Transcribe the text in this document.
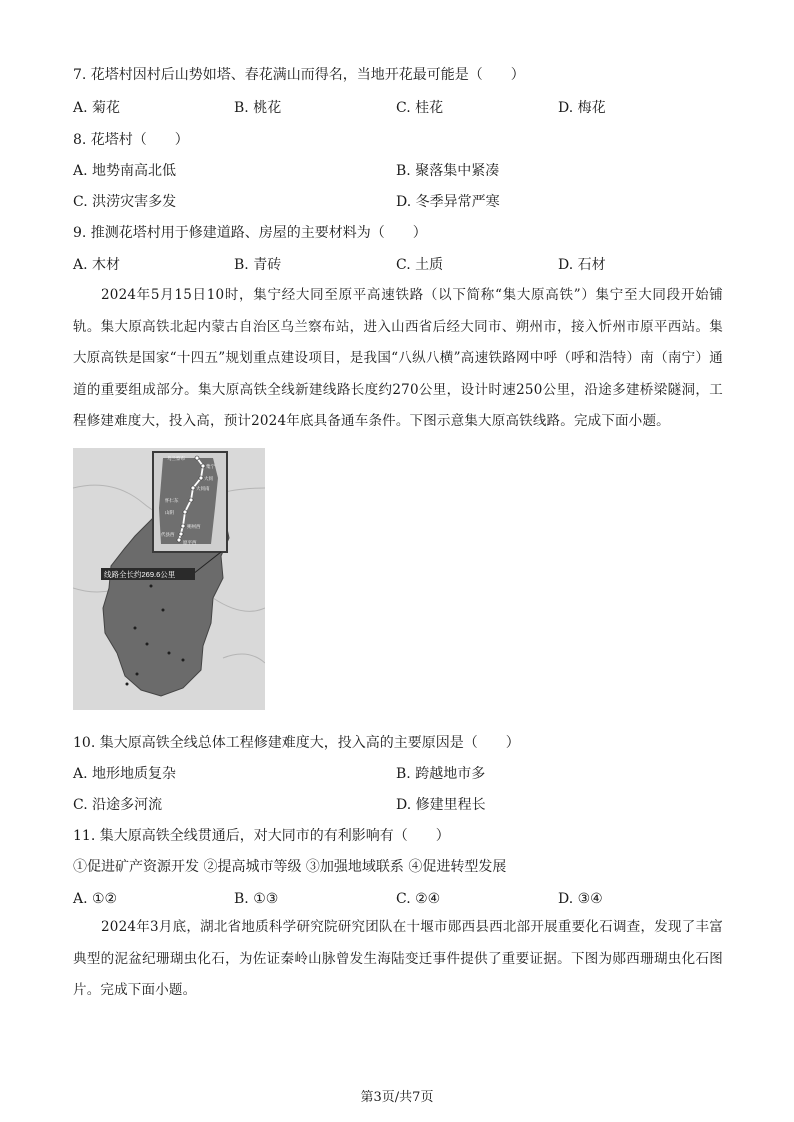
7. 花塔村因村后山势如塔、春花满山而得名，当地开花最可能是（　　）
A. 菊花	B. 桃花	C. 桂花	D. 梅花
8. 花塔村（　　）
A. 地势南高北低	B. 聚落集中紧凑
C. 洪涝灾害多发	D. 冬季异常严寒
9. 推测花塔村用于修建道路、房屋的主要材料为（　　）
A. 木材	B. 青砖	C. 土质	D. 石材
2024年5月15日10时，集宁经大同至原平高速铁路（以下简称“集大原高铁”）集宁至大同段开始铺轨。集大原高铁北起内蒙古自治区乌兰察布站，进入山西省后经大同市、朔州市，接入忻州市原平西站。集大原高铁是国家“十四五”规划重点建设项目，是我国“八纵八横”高速铁路网中呼（呼和浩特）南（南宁）通道的重要组成部分。集大原高铁全线新建线路长度约270公里，设计时速250公里，沿途多建桥梁隧洞，工程修建难度大，投入高，预计2024年底具备通车条件。下图示意集大原高铁线路。完成下面小题。
乌兰察布
集宁
大同
大同南
怀仁东
山阴
朔州西
代县西
原平西
线路全长约269.6公里
10. 集大原高铁全线总体工程修建难度大，投入高的主要原因是（　　）
A. 地形地质复杂	B. 跨越地市多
C. 沿途多河流	D. 修建里程长
11. 集大原高铁全线贯通后，对大同市的有利影响有（　　）
①促进矿产资源开发 ②提高城市等级 ③加强地域联系 ④促进转型发展
A. ①②	B. ①③	C. ②④	D. ③④
2024年3月底，湖北省地质科学研究院研究团队在十堰市郧西县西北部开展重要化石调查，发现了丰富典型的泥盆纪珊瑚虫化石，为佐证秦岭山脉曾发生海陆变迁事件提供了重要证据。下图为郧西珊瑚虫化石图片。完成下面小题。
第3页/共7页
